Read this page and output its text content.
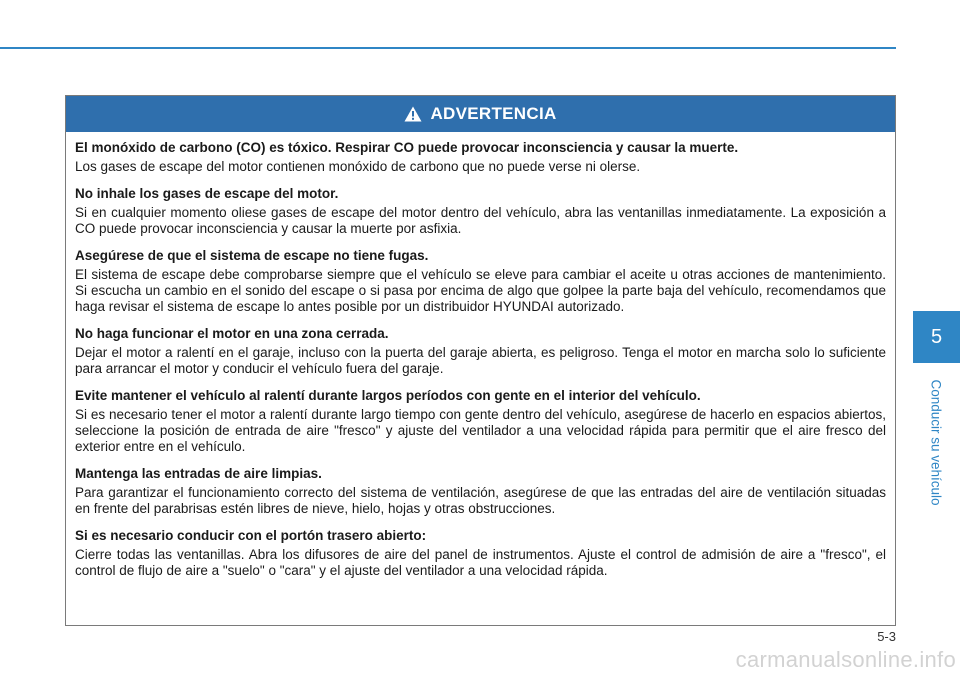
ADVERTENCIA

El monóxido de carbono (CO) es tóxico. Respirar CO puede provocar inconsciencia y causar la muerte.

Los gases de escape del motor contienen monóxido de carbono que no puede verse ni olerse.

No inhale los gases de escape del motor.

Si en cualquier momento oliese gases de escape del motor dentro del vehículo, abra las ventanillas inmediatamente. La exposición a CO puede provocar inconsciencia y causar la muerte por asfixia.

Asegúrese de que el sistema de escape no tiene fugas.

El sistema de escape debe comprobarse siempre que el vehículo se eleve para cambiar el aceite u otras acciones de mantenimiento. Si escucha un cambio en el sonido del escape o si pasa por encima de algo que golpee la parte baja del vehículo, recomendamos que haga revisar el sistema de escape lo antes posible por un distribuidor HYUNDAI autorizado.

No haga funcionar el motor en una zona cerrada.

Dejar el motor a ralentí en el garaje, incluso con la puerta del garaje abierta, es peligroso. Tenga el motor en marcha solo lo suficiente para arrancar el motor y conducir el vehículo fuera del garaje.

Evite mantener el vehículo al ralentí durante largos períodos con gente en el interior del vehículo.

Si es necesario tener el motor a ralentí durante largo tiempo con gente dentro del vehículo, asegúrese de hacerlo en espacios abiertos, seleccione la posición de entrada de aire "fresco" y ajuste del ventilador a una velocidad rápida para permitir que el aire fresco del exterior entre en el vehículo.

Mantenga las entradas de aire limpias.

Para garantizar el funcionamiento correcto del sistema de ventilación, asegúrese de que las entradas del aire de ventilación situadas en frente del parabrisas estén libres de nieve, hielo, hojas y otras obstrucciones.

Si es necesario conducir con el portón trasero abierto:

Cierre todas las ventanillas. Abra los difusores de aire del panel de instrumentos. Ajuste el control de admisión de aire a "fresco", el control de flujo de aire a "suelo" o "cara" y el ajuste del ventilador a una velocidad rápida.

5
Conducir su vehículo
5-3
carmanualsonline.info
